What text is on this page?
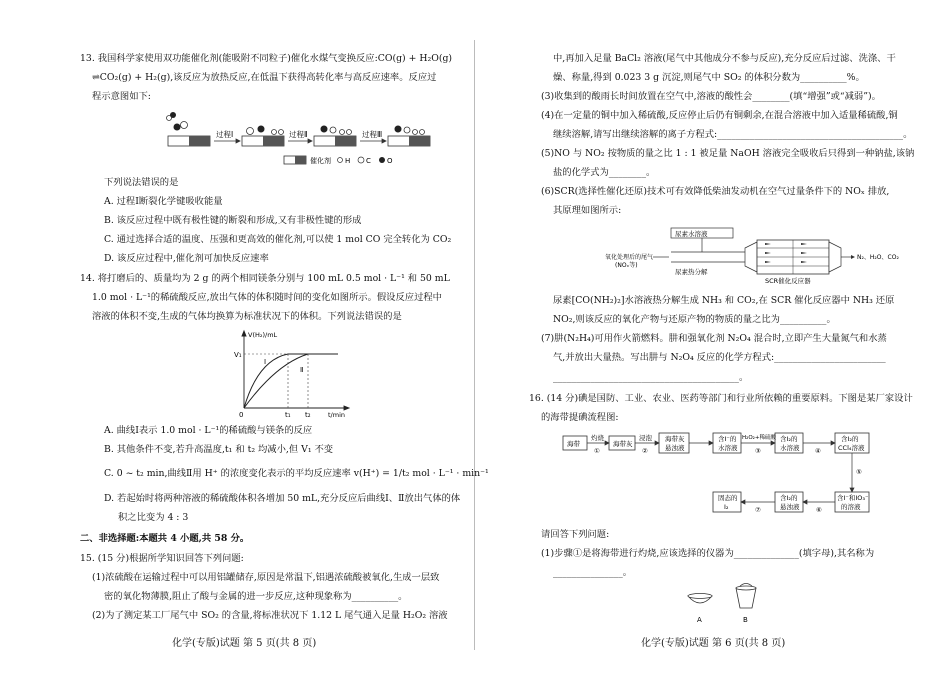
13. 我国科学家使用双功能催化剂(能吸附不同粒子)催化水煤气变换反应:CO(g) + H₂O(g)
⇌CO₂(g) + H₂(g),该反应为放热反应,在低温下获得高转化率与高反应速率。反应过
程示意图如下:
过程Ⅰ	过程Ⅱ	过程Ⅲ
催化剂 H C O
下列说法错误的是
A. 过程Ⅰ断裂化学键吸收能量
B. 该反应过程中既有极性键的断裂和形成,又有非极性键的形成
C. 通过选择合适的温度、压强和更高效的催化剂,可以使 1 mol CO 完全转化为 CO₂
D. 该反应过程中,催化剂可加快反应速率
14. 将打磨后的、质量均为 2 g 的两个相同镁条分别与 100 mL 0.5 mol · L⁻¹ 和 50 mL
1.0 mol · L⁻¹的稀硫酸反应,放出气体的体积随时间的变化如图所示。假设反应过程中
溶液的体积不变,生成的气体均换算为标准状况下的体积。下列说法错误的是
V(H₂)/mL
V₁
Ⅰ
Ⅱ
0	t₁ t₂	t/min
A. 曲线Ⅰ表示 1.0 mol · L⁻¹的稀硫酸与镁条的反应
B. 其他条件不变,若升高温度,t₁ 和 t₂ 均减小,但 V₁ 不变
C. 0 ~ t₂ min,曲线Ⅱ用 H⁺ 的浓度变化表示的平均反应速率 v(H⁺) = 1/t₂ mol · L⁻¹ · min⁻¹
D. 若起始时将两种溶液的稀硫酸体积各增加 50 mL,充分反应后曲线Ⅰ、Ⅱ放出气体的体
积之比变为 4 : 3
二、非选择题:本题共 4 小题,共 58 分。
15. (15 分)根据所学知识回答下列问题:
(1)浓硫酸在运输过程中可以用铝罐储存,原因是常温下,铝遇浓硫酸被氧化,生成一层致
密的氧化物薄膜,阻止了酸与金属的进一步反应,这种现象称为__________。
(2)为了测定某工厂尾气中 SO₂ 的含量,将标准状况下 1.12 L 尾气通入足量 H₂O₂ 溶液
化学(专版)试题 第 5 页(共 8 页)
中,再加入足量 BaCl₂ 溶液(尾气中其他成分不参与反应),充分反应后过滤、洗涤、干
燥、称量,得到 0.023 3 g 沉淀,则尾气中 SO₂ 的体积分数为__________%。
(3)收集到的酸雨长时间放置在空气中,溶液的酸性会________(填“增强”或“减弱”)。
(4)在一定量的铜中加入稀硫酸,反应停止后仍有铜剩余,在混合溶液中加入适量稀硫酸,铜
继续溶解,请写出继续溶解的离子方程式:________________________________________。
(5)NO 与 NO₂ 按物质的量之比 1 : 1 被足量 NaOH 溶液完全吸收后只得到一种钠盐,该钠
盐的化学式为________。
(6)SCR(选择性催化还原)技术可有效降低柴油发动机在空气过量条件下的 NOₓ 排放,
其原理如图所示:
尿素水溶液
氧化处理后的尾气
(NOₓ等)
尿素热分解
N₂、H₂O、CO₂
SCR催化反应器
尿素[CO(NH₂)₂]水溶液热分解生成 NH₃ 和 CO₂,在 SCR 催化反应器中 NH₃ 还原
NO₂,则该反应的氧化产物与还原产物的物质的量之比为__________。
(7)肼(N₂H₄)可用作火箭燃料。肼和强氧化剂 N₂O₄ 混合时,立即产生大量氮气和水蒸
气,并放出大量热。写出肼与 N₂O₄ 反应的化学方程式:________________________
________________________________________。
16. (14 分)碘是国防、工业、农业、医药等部门和行业所依赖的重要原料。下图是某厂家设计
的海带提碘流程图:
海带	海带灰
海带灰
悬浊液
含I⁻的
水溶液
含I₂的
水溶液
含I₂的
CCl₄溶液
含I⁻和IO₃⁻
的溶液
含I₂的
悬浊液
固态的
I₂
灼烧	浸泡	H₂O₂+稀硫酸
①	②	③	④
⑤
⑥
⑦
请回答下列问题:
(1)步骤①是将海带进行灼烧,应该选择的仪器为______________(填字母),其名称为
_______________。
A	B
化学(专版)试题 第 6 页(共 8 页)
